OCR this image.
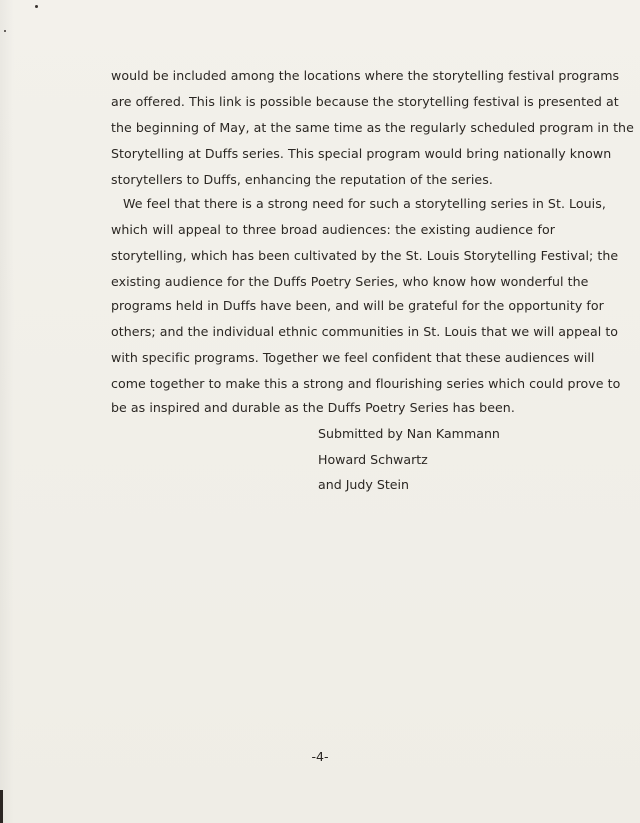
would be included among the locations where the storytelling festival programs
are offered. This link is possible because the storytelling festival is presented at
the beginning of May, at the same time as the regularly scheduled program in the
Storytelling at Duffs series. This special program would bring nationally known
storytellers to Duffs, enhancing the reputation of the series.
We feel that there is a strong need for such a storytelling series in St. Louis,
which will appeal to three broad audiences: the existing audience for
storytelling, which has been cultivated by the St. Louis Storytelling Festival; the
existing audience for the Duffs Poetry Series, who know how wonderful the
programs held in Duffs have been, and will be grateful for the opportunity for
others; and the individual ethnic communities in St. Louis that we will appeal to
with specific programs. Together we feel confident that these audiences will
come together to make this a strong and flourishing series which could prove to
be as inspired and durable as the Duffs Poetry Series has been.
Submitted by Nan Kammann
Howard Schwartz
and Judy Stein
-4-
